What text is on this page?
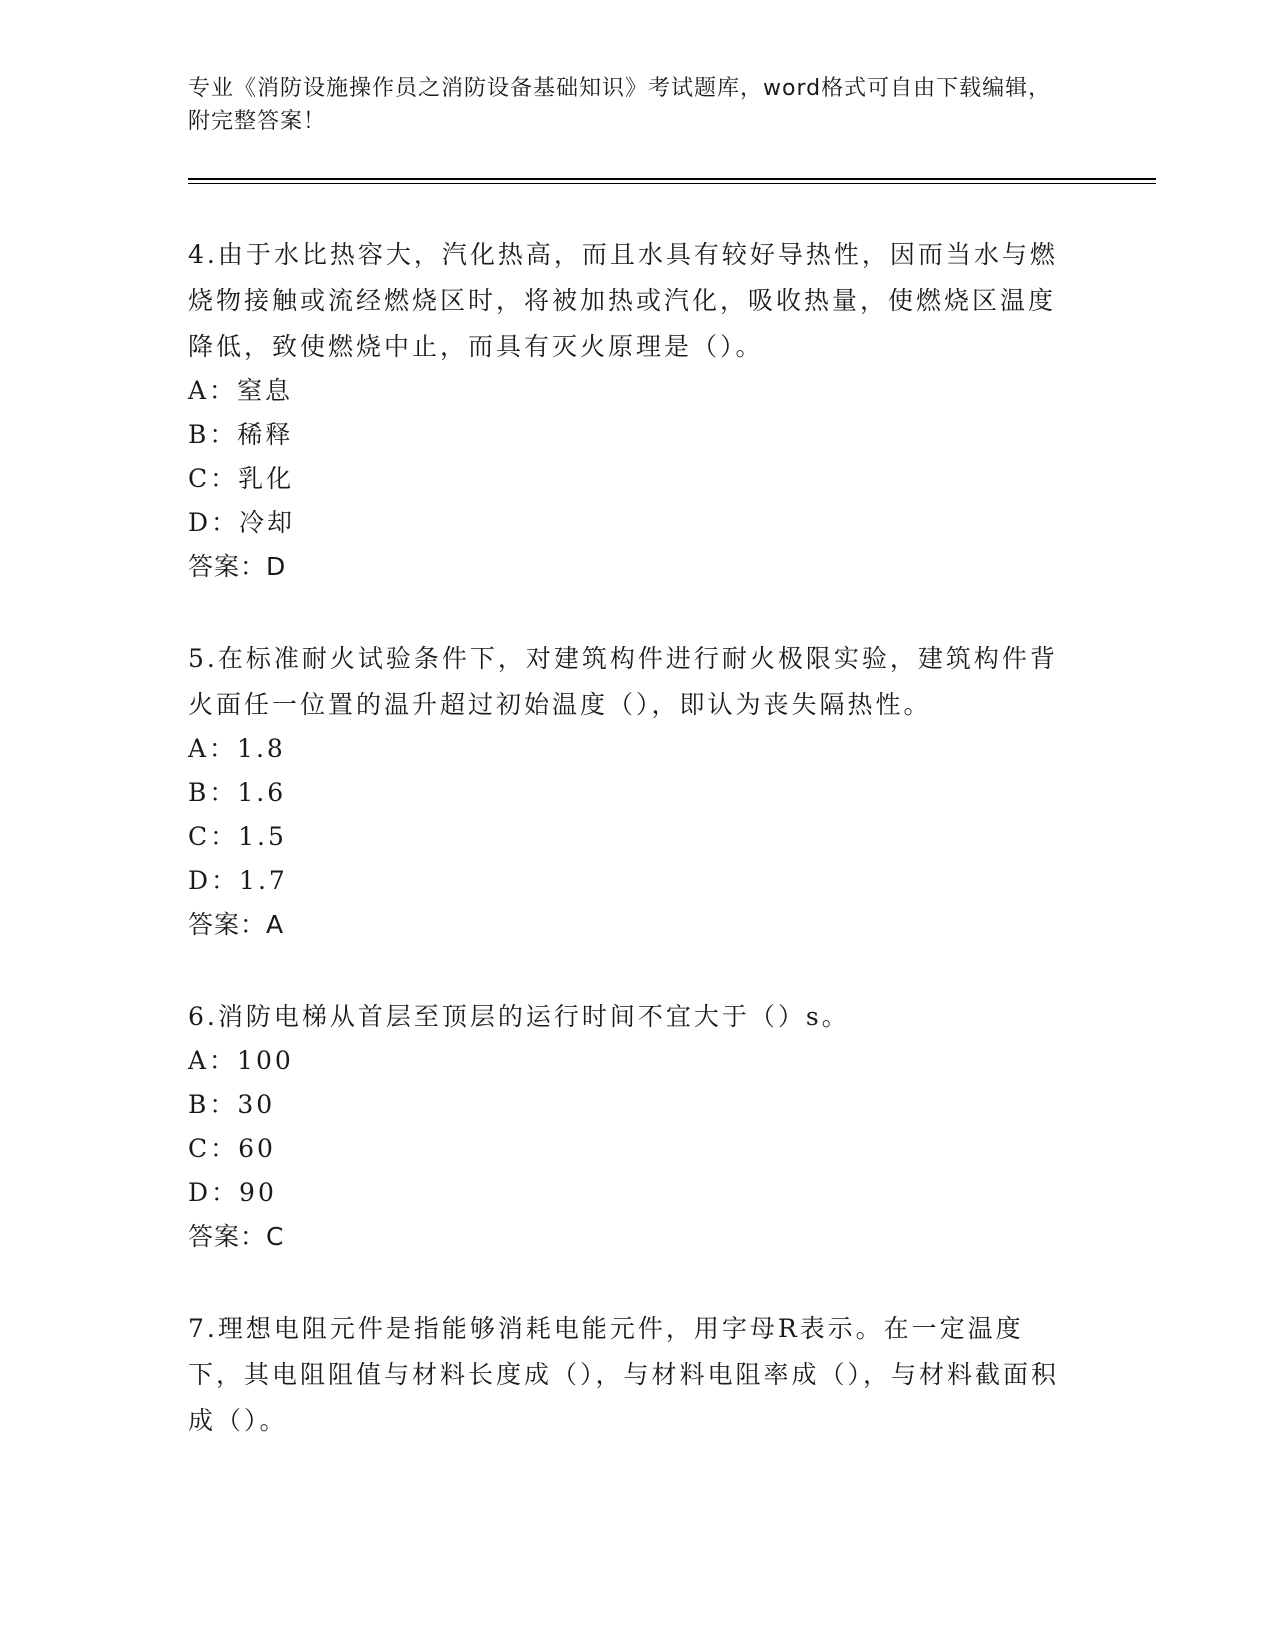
专业《消防设施操作员之消防设备基础知识》考试题库，word格式可自由下载编辑，附完整答案！
4.由于水比热容大，汽化热高，而且水具有较好导热性，因而当水与燃烧物接触或流经燃烧区时，将被加热或汽化，吸收热量，使燃烧区温度降低，致使燃烧中止，而具有灭火原理是（）。
A：窒息
B：稀释
C：乳化
D：冷却
答案：D
5.在标准耐火试验条件下，对建筑构件进行耐火极限实验，建筑构件背火面任一位置的温升超过初始温度（），即认为丧失隔热性。
A：1.8
B：1.6
C：1.5
D：1.7
答案：A
6.消防电梯从首层至顶层的运行时间不宜大于（）s。
A：100
B：30
C：60
D：90
答案：C
7.理想电阻元件是指能够消耗电能元件，用字母R表示。在一定温度下，其电阻阻值与材料长度成（），与材料电阻率成（），与材料截面积成（）。
